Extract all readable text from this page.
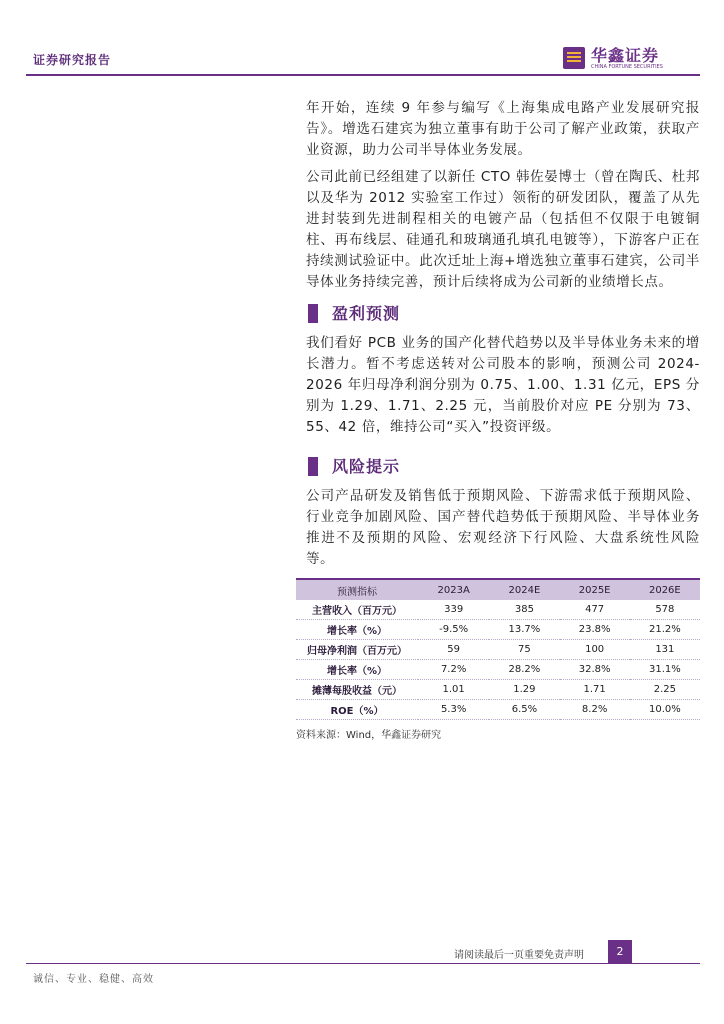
证券研究报告	华鑫证券
CHINA FORTUNE SECURITIES

年开始，连续 9 年参与编写《上海集成电路产业发展研究报告》。增选石建宾为独立董事有助于公司了解产业政策，获取产业资源，助力公司半导体业务发展。

公司此前已经组建了以新任 CTO 韩佐晏博士（曾在陶氏、杜邦以及华为 2012 实验室工作过）领衔的研发团队，覆盖了从先进封装到先进制程相关的电镀产品（包括但不仅限于电镀铜柱、再布线层、硅通孔和玻璃通孔填孔电镀等），下游客户正在持续测试验证中。此次迁址上海+增选独立董事石建宾，公司半导体业务持续完善，预计后续将成为公司新的业绩增长点。

盈利预测

我们看好 PCB 业务的国产化替代趋势以及半导体业务未来的增长潜力。暂不考虑送转对公司股本的影响，预测公司 2024-2026 年归母净利润分别为 0.75、1.00、1.31 亿元，EPS 分别为 1.29、1.71、2.25 元，当前股价对应 PE 分别为 73、55、42 倍，维持公司“买入”投资评级。

风险提示

公司产品研发及销售低于预期风险、下游需求低于预期风险、行业竞争加剧风险、国产替代趋势低于预期风险、半导体业务推进不及预期的风险、宏观经济下行风险、大盘系统性风险等。

预测指标	2023A	2024E	2025E	2026E
主营收入（百万元）	339	385	477	578
增长率（%）	-9.5%	13.7%	23.8%	21.2%
归母净利润（百万元）	59	75	100	131
增长率（%）	7.2%	28.2%	32.8%	31.1%
摊薄每股收益（元）	1.01	1.29	1.71	2.25
ROE（%）	5.3%	6.5%	8.2%	10.0%
资料来源：Wind，华鑫证券研究
请阅读最后一页重要免责声明	2
诚信、专业、稳健、高效
